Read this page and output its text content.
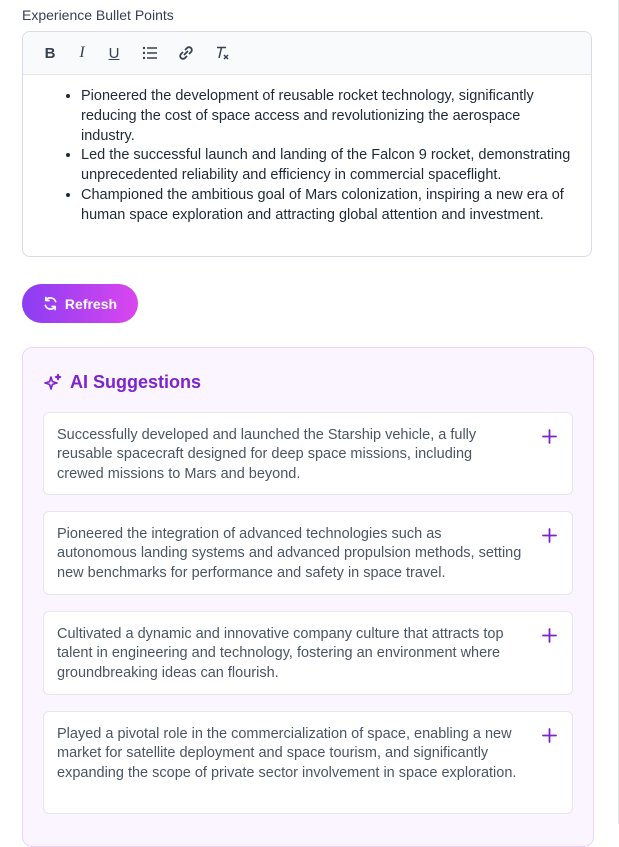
Experience Bullet Points
B	I	U
• Pioneered the development of reusable rocket technology, significantly reducing the cost of space access and revolutionizing the aerospace industry.
• Led the successful launch and landing of the Falcon 9 rocket, demonstrating unprecedented reliability and efficiency in commercial spaceflight.
• Championed the ambitious goal of Mars colonization, inspiring a new era of human space exploration and attracting global attention and investment.
Refresh
AI Suggestions
Successfully developed and launched the Starship vehicle, a fully reusable spacecraft designed for deep space missions, including crewed missions to Mars and beyond.
Pioneered the integration of advanced technologies such as autonomous landing systems and advanced propulsion methods, setting new benchmarks for performance and safety in space travel.
Cultivated a dynamic and innovative company culture that attracts top talent in engineering and technology, fostering an environment where groundbreaking ideas can flourish.
Played a pivotal role in the commercialization of space, enabling a new market for satellite deployment and space tourism, and significantly expanding the scope of private sector involvement in space exploration.
